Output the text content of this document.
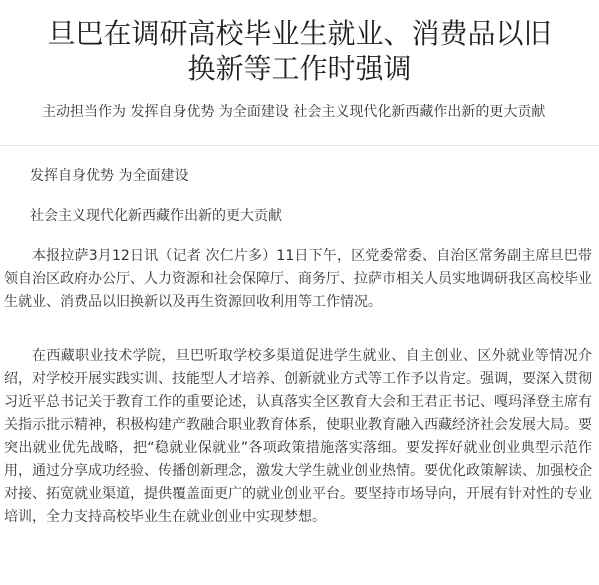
旦巴在调研高校毕业生就业、消费品以旧
换新等工作时强调
主动担当作为 发挥自身优势 为全面建设 社会主义现代化新西藏作出新的更大贡献
发挥自身优势 为全面建设
社会主义现代化新西藏作出新的更大贡献

本报拉萨3月12日讯（记者 次仁片多）11日下午，区党委常委、自治区常务副主席旦巴带领自治区政府办公厅、人力资源和社会保障厅、商务厅、拉萨市相关人员实地调研我区高校毕业生就业、消费品以旧换新以及再生资源回收利用等工作情况。

在西藏职业技术学院，旦巴听取学校多渠道促进学生就业、自主创业、区外就业等情况介绍，对学校开展实践实训、技能型人才培养、创新就业方式等工作予以肯定。强调，要深入贯彻习近平总书记关于教育工作的重要论述，认真落实全区教育大会和王君正书记、嘎玛泽登主席有关指示批示精神，积极构建产教融合职业教育体系，使职业教育融入西藏经济社会发展大局。要突出就业优先战略，把“稳就业保就业”各项政策措施落实落细。要发挥好就业创业典型示范作用，通过分享成功经验、传播创新理念，激发大学生就业创业热情。要优化政策解读、加强校企对接、拓宽就业渠道，提供覆盖面更广的就业创业平台。要坚持市场导向，开展有针对性的专业培训，全力支持高校毕业生在就业创业中实现梦想。
